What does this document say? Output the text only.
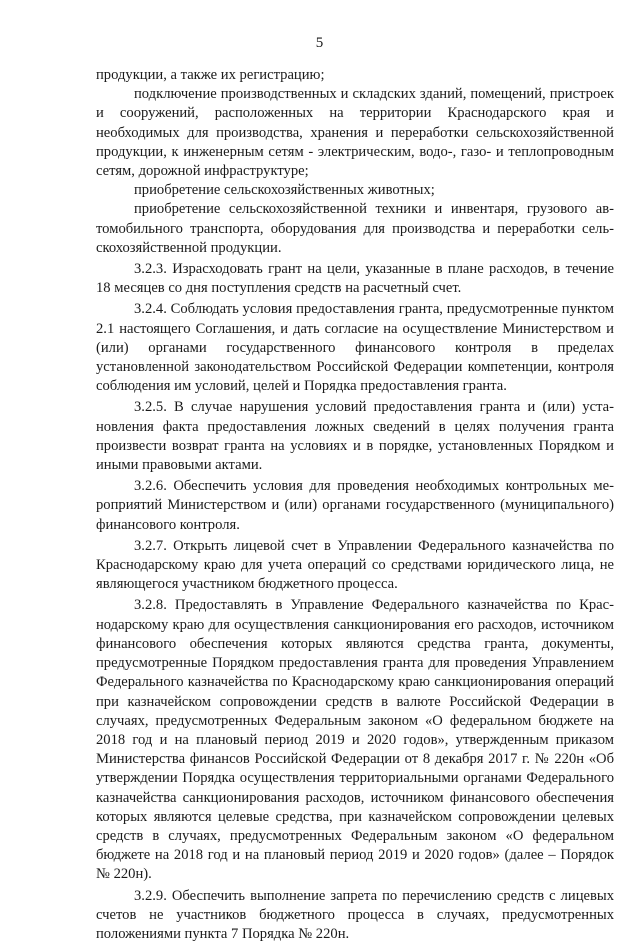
5

продукции, а также их регистрацию;

подключение производственных и складских зданий, помещений, пристроек и сооружений, расположенных на территории Краснодарского края и необходимых для производства, хранения и переработки сельскохозяйственной продукции, к инженерным сетям - электрическим, водо-, газо- и теплопроводным сетям, дорожной инфраструктуре;

приобретение сельскохозяйственных животных;

приобретение сельскохозяйственной техники и инвентаря, грузового автомобильного транспорта, оборудования для производства и переработки сельскохозяйственной продукции.

3.2.3. Израсходовать грант на цели, указанные в плане расходов, в течение 18 месяцев со дня поступления средств на расчетный счет.

3.2.4. Соблюдать условия предоставления гранта, предусмотренные пунктом 2.1 настоящего Соглашения, и дать согласие на осуществление Министерством и (или) органами государственного финансового контроля в пределах установленной законодательством Российской Федерации компетенции, контроля соблюдения им условий, целей и Порядка предоставления гранта.

3.2.5. В случае нарушения условий предоставления гранта и (или) установления факта предоставления ложных сведений в целях получения гранта произвести возврат гранта на условиях и в порядке, установленных Порядком и иными правовыми актами.

3.2.6. Обеспечить условия для проведения необходимых контрольных мероприятий Министерством и (или) органами государственного (муниципального) финансового контроля.

3.2.7. Открыть лицевой счет в Управлении Федерального казначейства по Краснодарскому краю для учета операций со средствами юридического лица, не являющегося участником бюджетного процесса.

3.2.8. Предоставлять в Управление Федерального казначейства по Краснодарскому краю для осуществления санкционирования его расходов, источником финансового обеспечения которых являются средства гранта, документы, предусмотренные Порядком предоставления гранта для проведения Управлением Федерального казначейства по Краснодарскому краю санкционирования операций при казначейском сопровождении средств в валюте Российской Федерации в случаях, предусмотренных Федеральным законом «О федеральном бюджете на 2018 год и на плановый период 2019 и 2020 годов», утвержденным приказом Министерства финансов Российской Федерации от 8 декабря 2017 г. № 220н «Об утверждении Порядка осуществления территориальными органами Федерального казначейства санкционирования расходов, источником финансового обеспечения которых являются целевые средства, при казначейском сопровождении целевых средств в случаях, предусмотренных Федеральным законом «О федеральном бюджете на 2018 год и на плановый период 2019 и 2020 годов» (далее – Порядок № 220н).

3.2.9. Обеспечить выполнение запрета по перечислению средств с лицевых счетов не участников бюджетного процесса в случаях, предусмотренных положениями пункта 7 Порядка № 220н.
